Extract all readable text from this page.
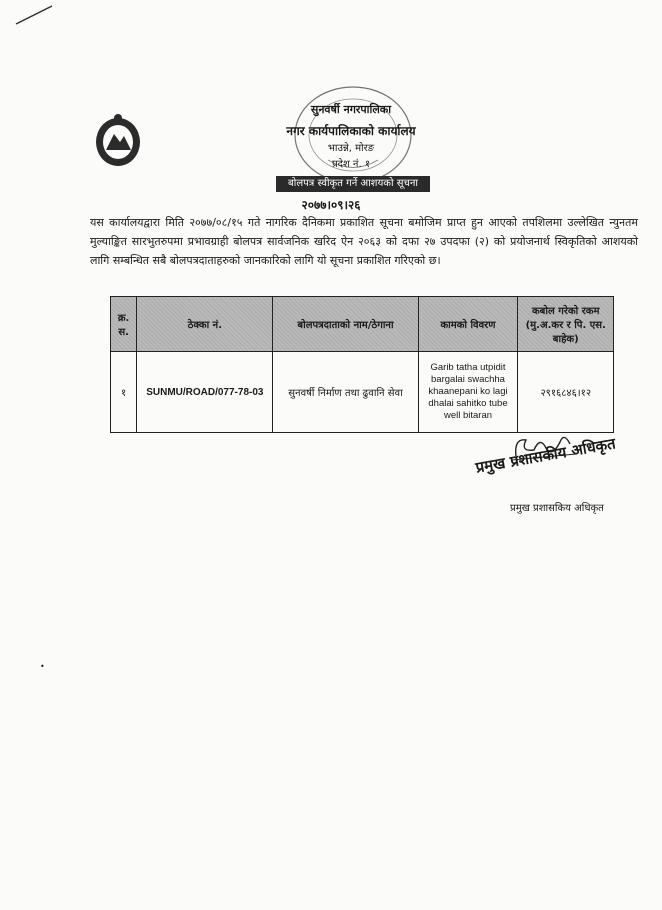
सुनवर्षी नगरपालिका
नगर कार्यपालिकाको कार्यालय
भाउन्ने, मोरङ
प्रदेश नं. १
बोलपत्र स्वीकृत गर्ने आशयको सूचना
२०७७।०९।२६
यस कार्यालयद्वारा मिति २०७७/०८/१५ गते नागरिक दैनिकमा प्रकाशित सूचना बमोजिम प्राप्त हुन आएको तपशिलमा उल्लेखित न्युनतम मुल्याङ्कित सारभुतरुपमा प्रभावग्राही बोलपत्र सार्वजनिक खरिद ऐन २०६३ को दफा २७ उपदफा (२) को प्रयोजनार्थ स्विकृतिको आशयको लागि सम्बन्धित सबै बोलपत्रदाताहरुको जानकारिको लागि यो सूचना प्रकाशित गरिएको छ।
क्र. स.	ठेक्का नं.	बोलपत्रदाताको नाम/ठेगाना	कामको विवरण	कबोल गरेको रकम (मु.अ.कर र पि. एस. बाहेक)
१	SUNMU/ROAD/077-78-03	सुनवर्षी निर्माण तथा ढुवानि सेवा	Garib tatha utpidit bargalai swachha khaanepani ko lagi dhalai sahitko tube well bitaran	२९१६८४६।१२
प्रमुख प्रशासकीय अधिकृत
प्रमुख प्रशासकिय अधिकृत
•
